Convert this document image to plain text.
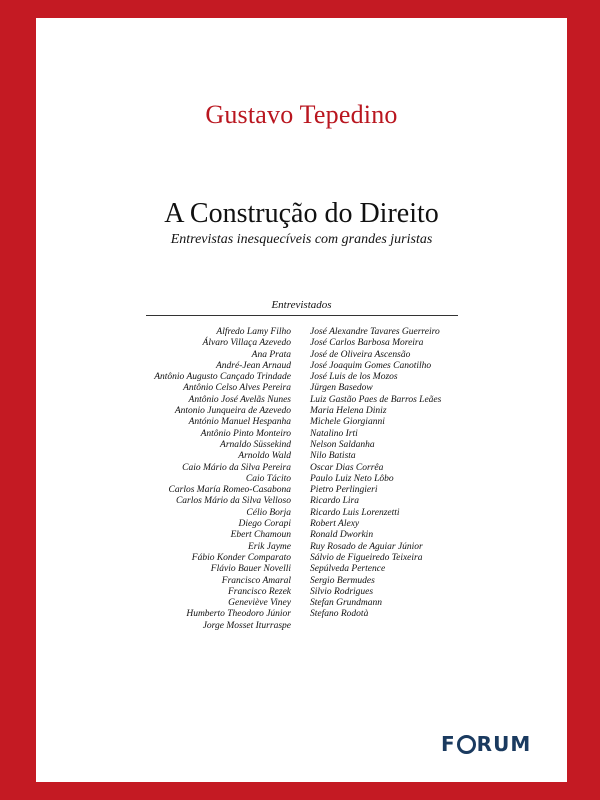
Gustavo Tepedino
A Construção do Direito
Entrevistas inesquecíveis com grandes juristas
Entrevistados
Alfredo Lamy Filho
Álvaro Villaça Azevedo
Ana Prata
André-Jean Arnaud
Antônio Augusto Cançado Trindade
Antônio Celso Alves Pereira
Antônio José Avelãs Nunes
Antonio Junqueira de Azevedo
António Manuel Hespanha
Antônio Pinto Monteiro
Arnaldo Süssekind
Arnoldo Wald
Caio Mário da Silva Pereira
Caio Tácito
Carlos María Romeo-Casabona
Carlos Mário da Silva Velloso
Célio Borja
Diego Corapi
Ebert Chamoun
Erik Jayme
Fábio Konder Comparato
Flávio Bauer Novelli
Francisco Amaral
Francisco Rezek
Geneviève Viney
Humberto Theodoro Júnior
Jorge Mosset Iturraspe
José Alexandre Tavares Guerreiro
José Carlos Barbosa Moreira
José de Oliveira Ascensão
José Joaquim Gomes Canotilho
José Luis de los Mozos
Jürgen Basedow
Luiz Gastão Paes de Barros Leães
Maria Helena Diniz
Michele Giorgianni
Natalino Irti
Nelson Saldanha
Nilo Batista
Oscar Dias Corrêa
Paulo Luiz Neto Lôbo
Pietro Perlingieri
Ricardo Lira
Ricardo Luis Lorenzetti
Robert Alexy
Ronald Dworkin
Ruy Rosado de Aguiar Júnior
Sálvio de Figueiredo Teixeira
Sepúlveda Pertence
Sergio Bermudes
Silvio Rodrigues
Stefan Grundmann
Stefano Rodotà
F RUM
